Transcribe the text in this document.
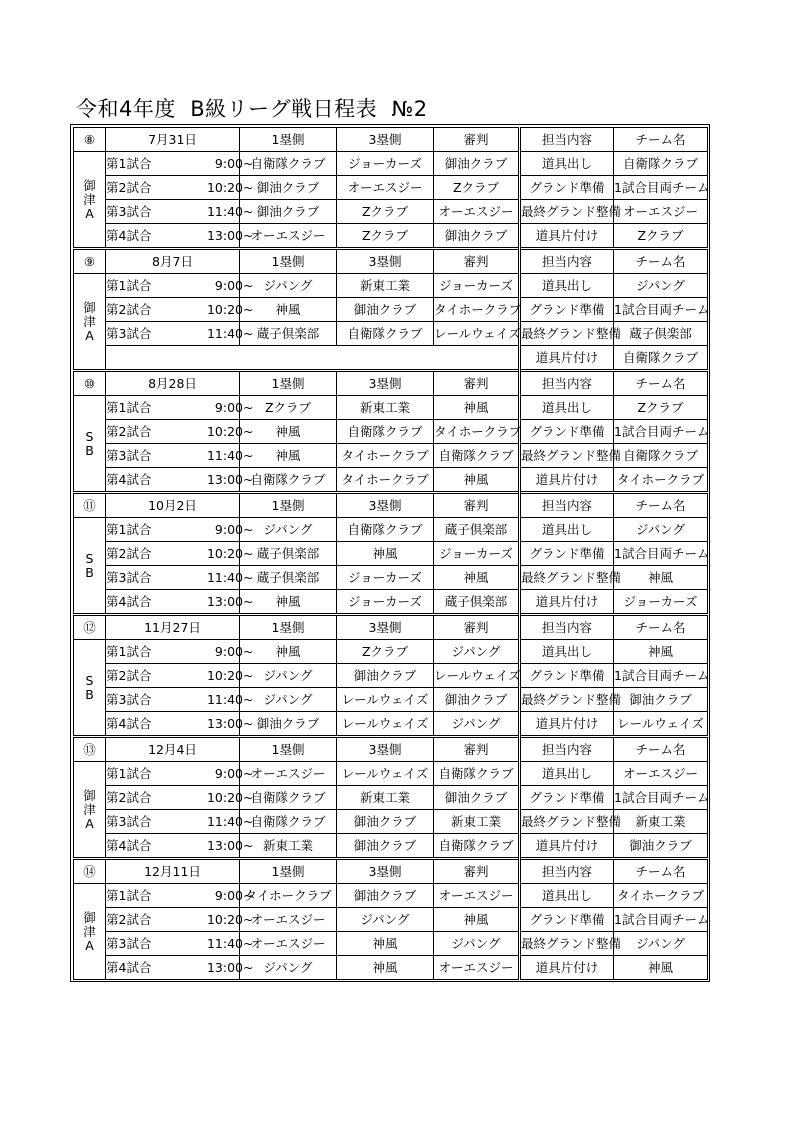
令和4年度  B級リーグ戦日程表  №2
⑧	7月31日	1塁側	3塁側	審判	担当内容	チーム名

御
津
A	第1試合 9:00~	自衛隊クラブ	ジョーカーズ	御油クラブ	道具出し	自衛隊クラブ
	第2試合 10:20~	御油クラブ	オーエスジー	Zクラブ	グランド準備	1試合目両チーム
	第3試合 11:40~	御油クラブ	Zクラブ	オーエスジー	最終グランド整備	オーエスジー
	第4試合 13:00~	オーエスジー	Zクラブ	御油クラブ	道具片付け	Zクラブ
⑨	8月7日	1塁側	3塁側	審判	担当内容	チーム名

御
津
A	第1試合 9:00~	ジパング	新東工業	ジョーカーズ	道具出し	ジパング
	第2試合 10:20~	神風	御油クラブ	タイホークラブ	グランド準備	1試合目両チーム
	第3試合 11:40~	蔵子倶楽部	自衛隊クラブ	レールウェイズ	最終グランド整備	蔵子倶楽部
					道具片付け	自衛隊クラブ
⑩	8月28日	1塁側	3塁側	審判	担当内容	チーム名

S
B	第1試合 9:00~	Zクラブ	新東工業	神風	道具出し	Zクラブ
	第2試合 10:20~	神風	自衛隊クラブ	タイホークラブ	グランド準備	1試合目両チーム
	第3試合 11:40~	神風	タイホークラブ	自衛隊クラブ	最終グランド整備	自衛隊クラブ
	第4試合 13:00~	自衛隊クラブ	タイホークラブ	神風	道具片付け	タイホークラブ
⑪	10月2日	1塁側	3塁側	審判	担当内容	チーム名

S
B	第1試合 9:00~	ジパング	自衛隊クラブ	蔵子倶楽部	道具出し	ジパング
	第2試合 10:20~	蔵子倶楽部	神風	ジョーカーズ	グランド準備	1試合目両チーム
	第3試合 11:40~	蔵子倶楽部	ジョーカーズ	神風	最終グランド整備	神風
	第4試合 13:00~	神風	ジョーカーズ	蔵子倶楽部	道具片付け	ジョーカーズ
⑫	11月27日	1塁側	3塁側	審判	担当内容	チーム名

S
B	第1試合 9:00~	神風	Zクラブ	ジパング	道具出し	神風
	第2試合 10:20~	ジパング	御油クラブ	レールウェイズ	グランド準備	1試合目両チーム
	第3試合 11:40~	ジパング	レールウェイズ	御油クラブ	最終グランド整備	御油クラブ
	第4試合 13:00~	御油クラブ	レールウェイズ	ジパング	道具片付け	レールウェイズ
⑬	12月4日	1塁側	3塁側	審判	担当内容	チーム名

御
津
A	第1試合 9:00~	オーエスジー	レールウェイズ	自衛隊クラブ	道具出し	オーエスジー
	第2試合 10:20~	自衛隊クラブ	新東工業	御油クラブ	グランド準備	1試合目両チーム
	第3試合 11:40~	自衛隊クラブ	御油クラブ	新東工業	最終グランド整備	新東工業
	第4試合 13:00~	新東工業	御油クラブ	自衛隊クラブ	道具片付け	御油クラブ
⑭	12月11日	1塁側	3塁側	審判	担当内容	チーム名

御
津
A	第1試合 9:00~	タイホークラブ	御油クラブ	オーエスジー	道具出し	タイホークラブ
	第2試合 10:20~	オーエスジー	ジパング	神風	グランド準備	1試合目両チーム
	第3試合 11:40~	オーエスジー	神風	ジパング	最終グランド整備	ジパング
	第4試合 13:00~	ジパング	神風	オーエスジー	道具片付け	神風
